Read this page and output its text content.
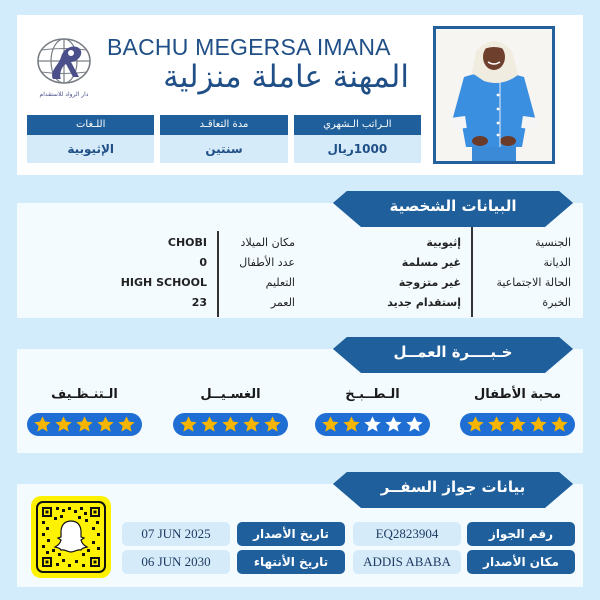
دار الرواد للاستقدام
BACHU MEGERSA IMANA
المهنة عاملة منزلية
الـراتب الـشهري
1000ريال
مدة التعاقـد
سنتين
اللـغات
الإثيوبية
الجنسية
الديانة
الحالة الاجتماعية
الخبرة
إثيوبية
غير مسلمة
غير متزوجة
إستقدام جديد
مكان الميلاد
عدد الأطفال
التعليم
العمر
CHOBI
0
HIGH SCHOOL
23
البيانات الشخصية
محبة الأطفال
الـطــبـخ
الغسـيــل
الـتنـظـيف
خـبــــرة العمــل
رقم الجواز
EQ2823904
مكان الأصدار
ADDIS ABABA
تاريخ الأصدار
07 JUN 2025
تاريخ الأنتهاء
06 JUN 2030
بيانات جواز السفــر
